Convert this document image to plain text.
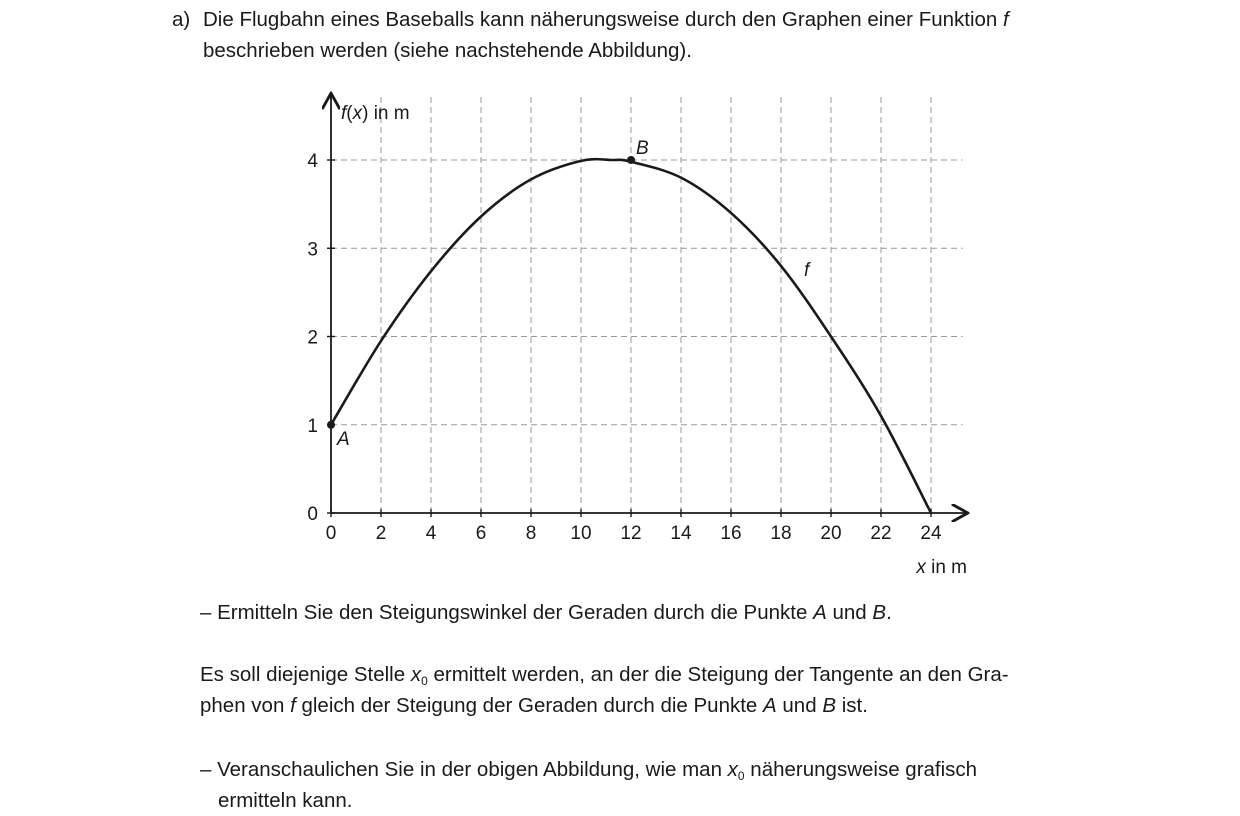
a) Die Flugbahn eines Baseballs kann näherungsweise durch den Graphen einer Funktion f
beschrieben werden (siehe nachstehende Abbildung).
0 2 4 6 8 10 12 14 16 18 20 22 24
0
1
2
3
4
A
B
f
f(x) in m
x in m
– Ermitteln Sie den Steigungswinkel der Geraden durch die Punkte A und B.
Es soll diejenige Stelle $x_0$ ermittelt werden, an der die Steigung der Tangente an den Gra-
phen von f gleich der Steigung der Geraden durch die Punkte A und B ist.
– Veranschaulichen Sie in der obigen Abbildung, wie man $x_0$ näherungsweise grafisch
ermitteln kann.
